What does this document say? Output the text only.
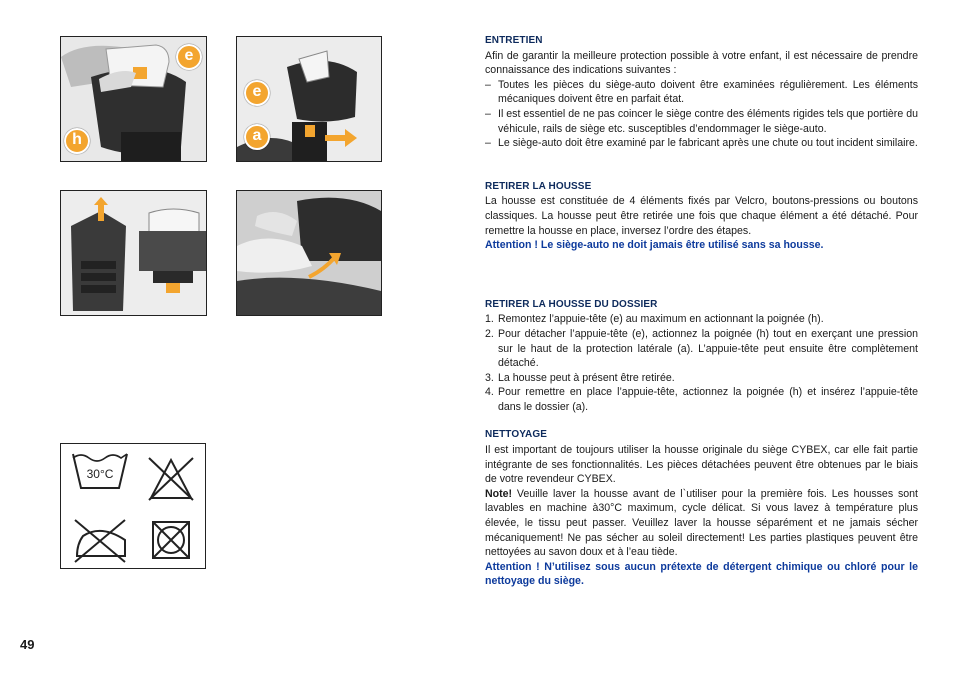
e
h
e
a
30°C
ENTRETIEN

Afin de garantir la meilleure protection possible à votre enfant, il est nécessaire de prendre connaissance des indications suivantes :

– Toutes les pièces du siège-auto doivent être examinées régulièrement. Les éléments mécaniques doivent être en parfait état.
– Il est essentiel de ne pas coincer le siège contre des éléments rigides tels que portière du véhicule, rails de siège etc. susceptibles d’endommager le siège-auto.
– Le siège-auto doit être examiné par le fabricant après une chute ou tout incident similaire.
RETIRER LA HOUSSE

La housse est constituée de 4 éléments fixés par Velcro, boutons-pressions ou boutons classiques. La housse peut être retirée une fois que chaque élément a été détaché. Pour remettre la housse en place, inversez l’ordre des étapes.

Attention ! Le siège-auto ne doit jamais être utilisé sans sa housse.

RETIRER LA HOUSSE DU DOSSIER
1. Remontez l’appuie-tête (e) au maximum en actionnant la poignée (h).
2. Pour détacher l’appuie-tête (e), actionnez la poignée (h) tout en exerçant une pression sur le haut de la protection latérale (a). L’appuie-tête peut ensuite être complètement détaché.
3. La housse peut à présent être retirée.
4. Pour remettre en place l’appuie-tête, actionnez la poignée (h) et insérez l’appuie-tête dans le dossier (a).
NETTOYAGE

Il est important de toujours utiliser la housse originale du siège CYBEX, car elle fait partie intégrante de ses fonctionnalités. Les pièces détachées peuvent être obtenues par le biais de votre revendeur CYBEX.

Note! Veuille laver la housse avant de l`utiliser pour la première fois. Les housses sont lavables en machine à30°C maximum, cycle délicat. Si vous lavez à température plus élevée, le tissu peut passer. Veuillez laver la housse séparément et ne jamais sécher mécaniquement! Ne pas sécher au soleil directement! Les parties plastiques peuvent être nettoyées au savon doux et à l’eau tiède.

Attention ! N’utilisez sous aucun prétexte de détergent chimique ou chloré pour le nettoyage du siège.

49
